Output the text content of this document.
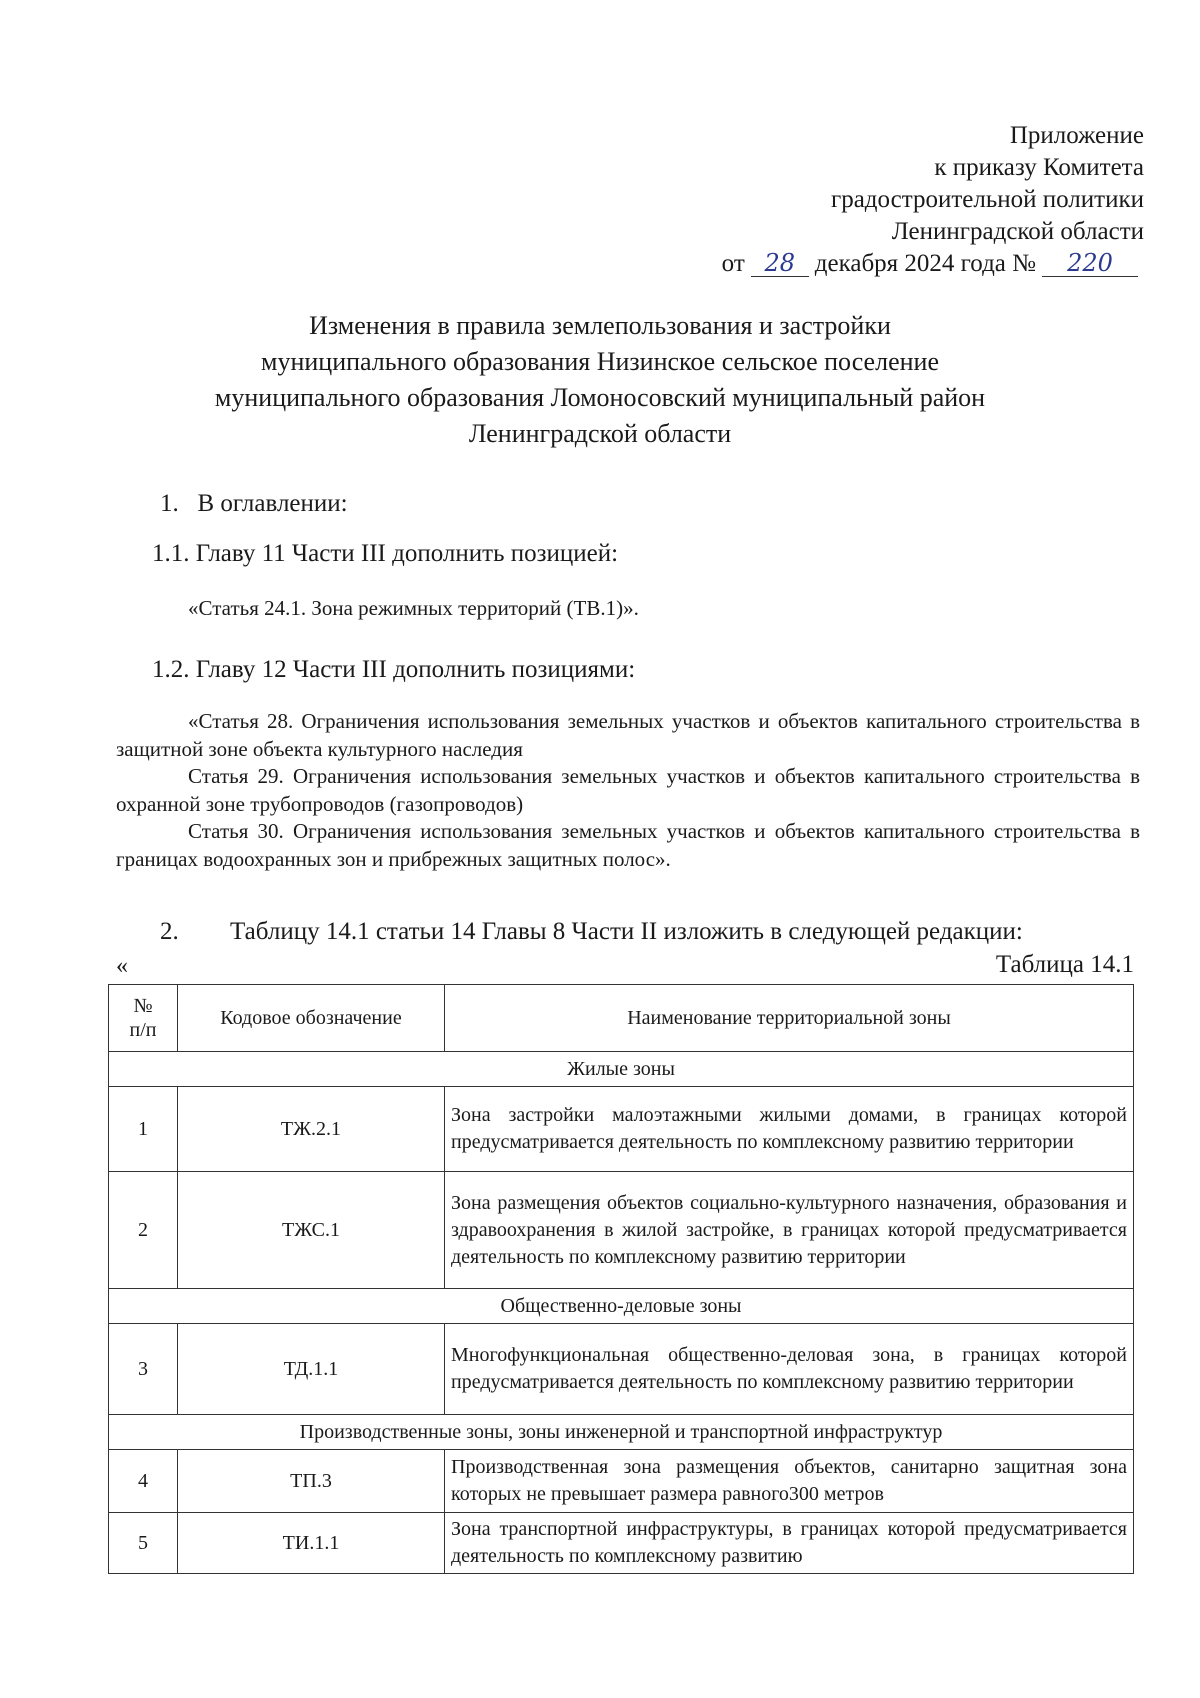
Приложение
к приказу Комитета
градостроительной политики
Ленинградской области
от 28 декабря 2024 года № 220
Изменения в правила землепользования и застройки
муниципального образования Низинское сельское поселение
муниципального образования Ломоносовский муниципальный район
Ленинградской области
1.   В оглавлении:
1.1. Главу 11 Части III дополнить позицией:
«Статья 24.1. Зона режимных территорий (ТВ.1)».
1.2. Главу 12 Части III дополнить позициями:

«Статья 28. Ограничения использования земельных участков и объектов капитального строительства в защитной зоне объекта культурного наследия

Статья 29. Ограничения использования земельных участков и объектов капитального строительства в охранной зоне трубопроводов (газопроводов)

Статья 30. Ограничения использования земельных участков и объектов капитального строительства в границах водоохранных зон и прибрежных защитных полос».

2. Таблицу 14.1 статьи 14 Главы 8 Части II изложить в следующей редакции:
«	Таблица 14.1
№
п/п	Кодовое обозначение	Наименование территориальной зоны
Жилые зоны		
1	ТЖ.2.1	Зона застройки малоэтажными жилыми домами, в границах которой предусматривается деятельность по комплексному развитию территории
2	ТЖС.1	Зона размещения объектов социально-культурного назначения, образования и здравоохранения в жилой застройке, в границах которой предусматривается деятельность по комплексному развитию территории
Общественно-деловые зоны		
3	ТД.1.1	Многофункциональная общественно-деловая зона, в границах которой предусматривается деятельность по комплексному развитию территории
Производственные зоны, зоны инженерной и транспортной инфраструктур		
4	ТП.3	Производственная зона размещения объектов, санитарно защитная зона которых не превышает размера равного300 метров
5	ТИ.1.1	Зона транспортной инфраструктуры, в границах которой предусматривается деятельность по комплексному развитию
